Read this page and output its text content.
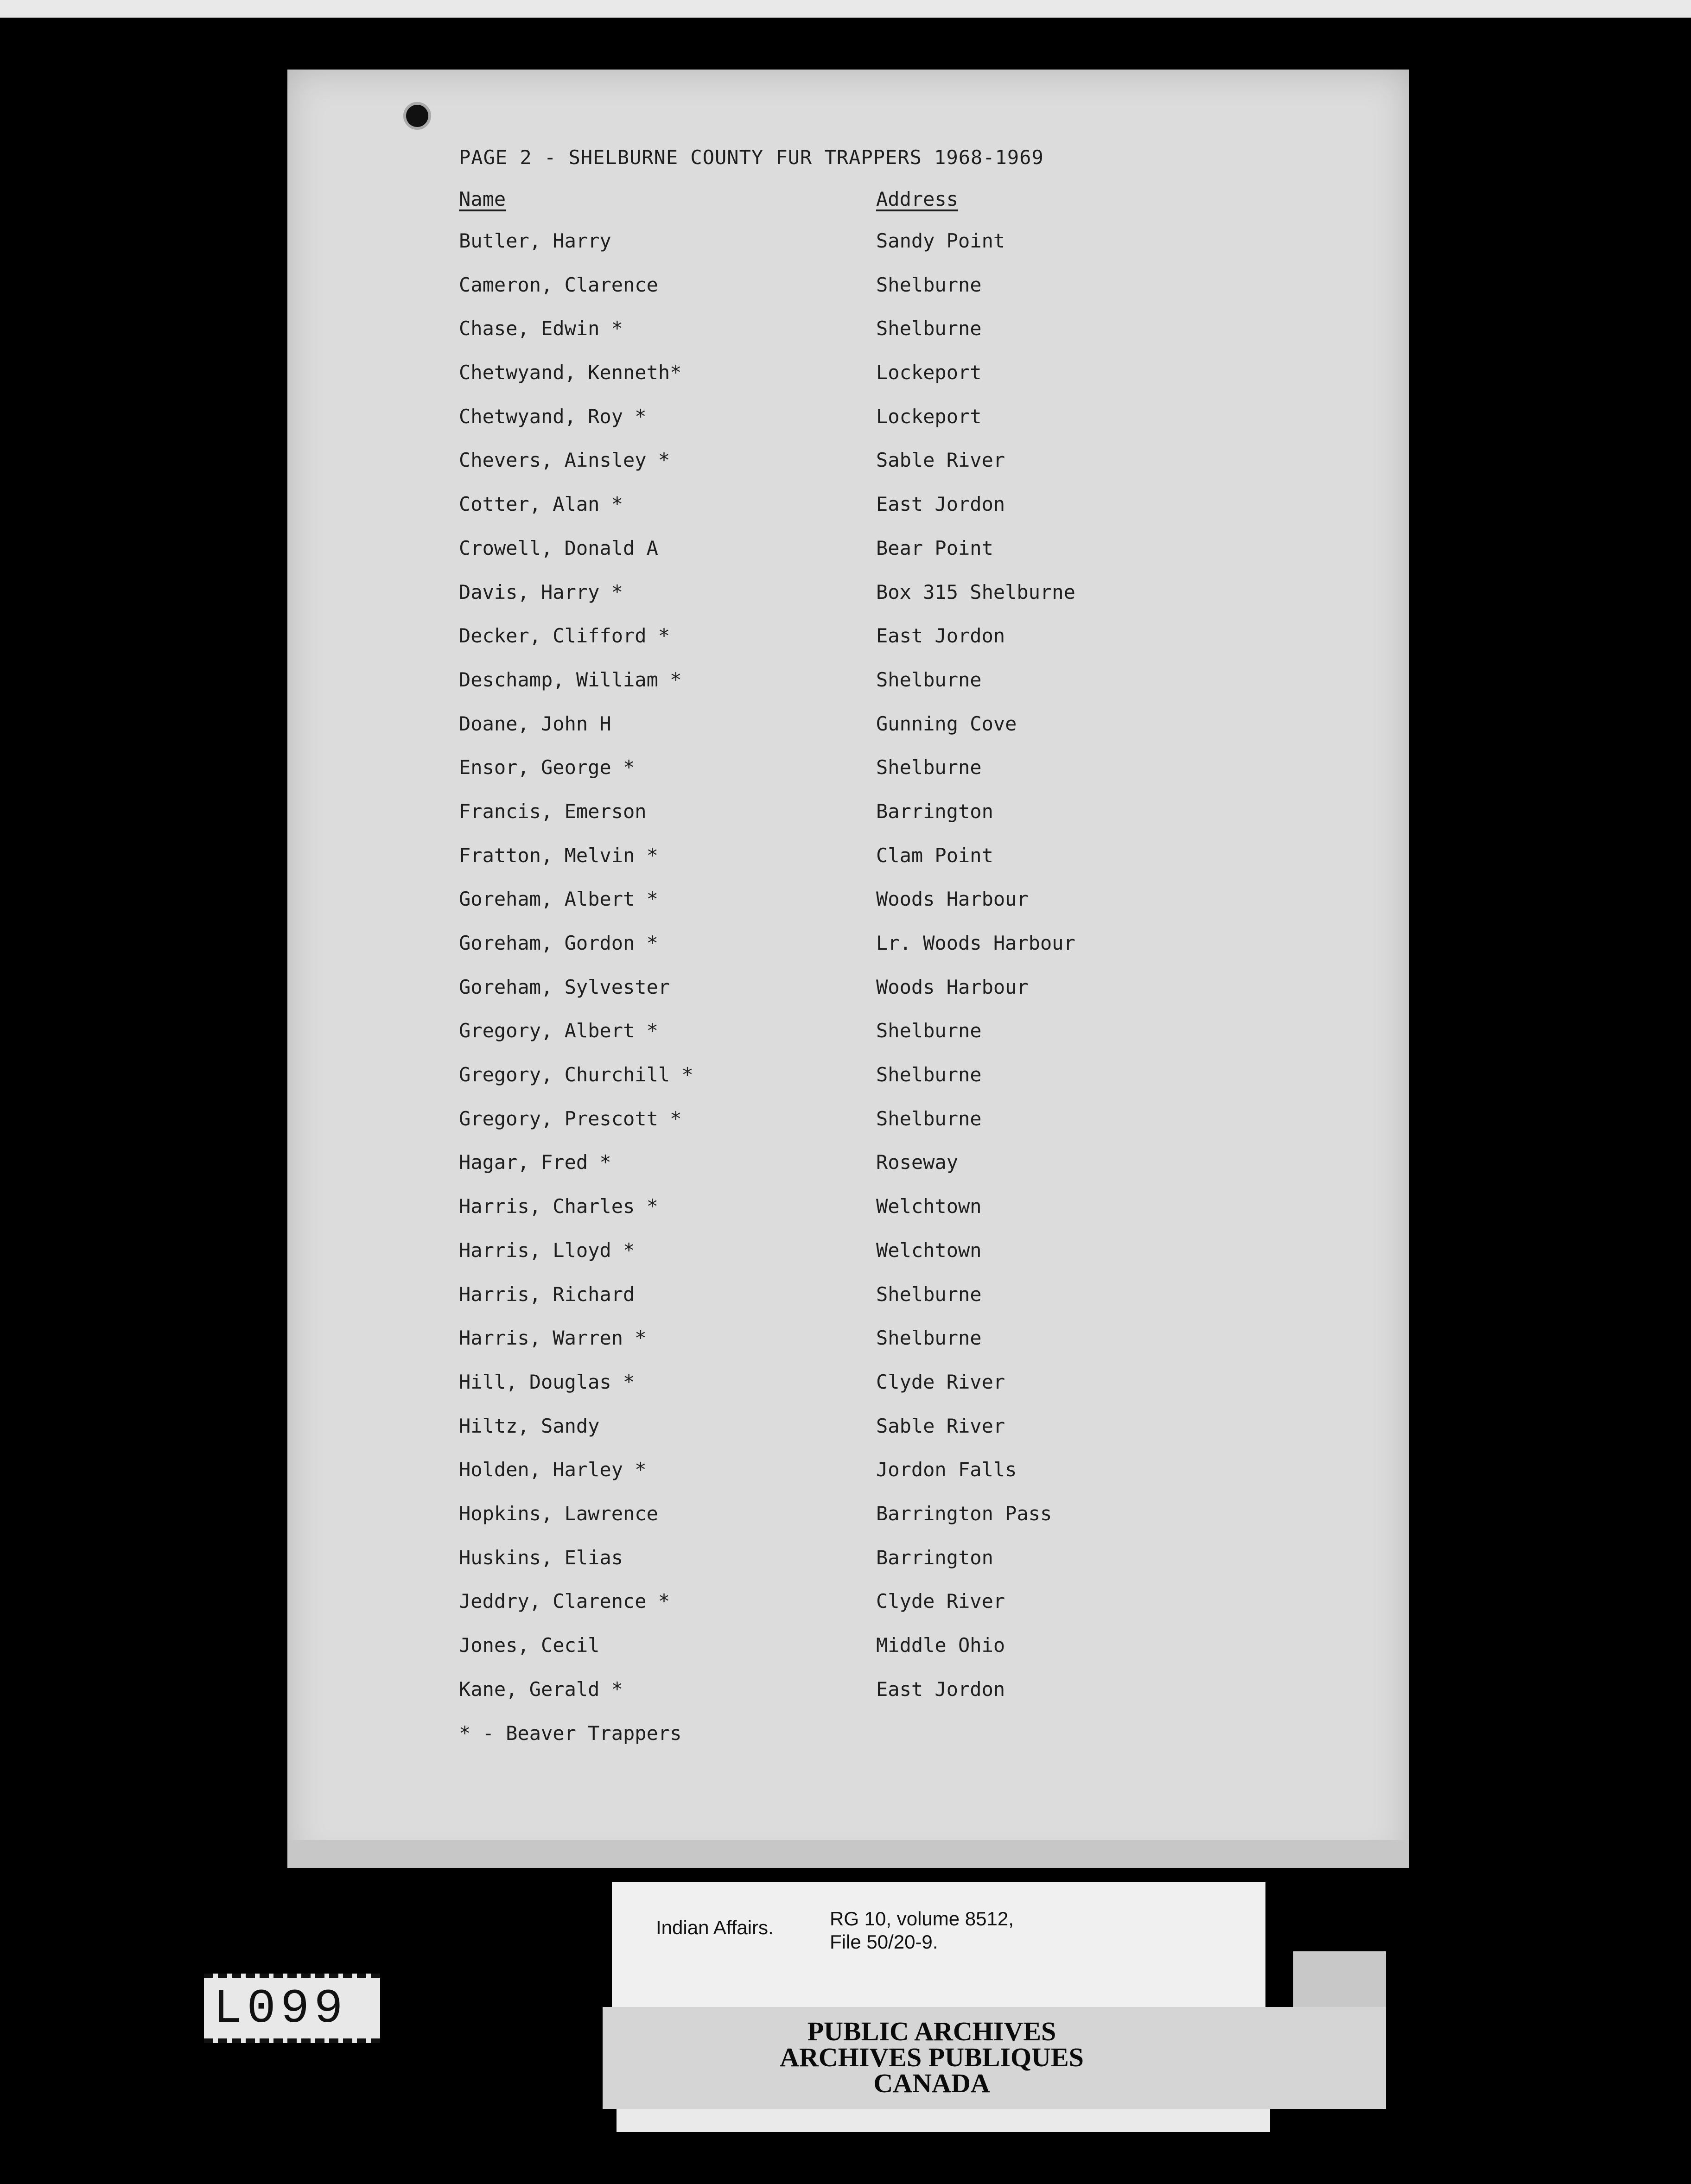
PAGE 2 - SHELBURNE COUNTY FUR TRAPPERS 1968-1969
Name	Address
Butler, Harry	Sandy Point
Cameron, Clarence	Shelburne
Chase, Edwin *	Shelburne
Chetwyand, Kenneth*	Lockeport
Chetwyand, Roy *	Lockeport
Chevers, Ainsley *	Sable River
Cotter, Alan *	East Jordon
Crowell, Donald A	Bear Point
Davis, Harry *	Box 315 Shelburne
Decker, Clifford *	East Jordon
Deschamp, William *	Shelburne
Doane, John H	Gunning Cove
Ensor, George *	Shelburne
Francis, Emerson	Barrington
Fratton, Melvin *	Clam Point
Goreham, Albert *	Woods Harbour
Goreham, Gordon *	Lr. Woods Harbour
Goreham, Sylvester	Woods Harbour
Gregory, Albert *	Shelburne
Gregory, Churchill *	Shelburne
Gregory, Prescott *	Shelburne
Hagar, Fred *	Roseway
Harris, Charles *	Welchtown
Harris, Lloyd *	Welchtown
Harris, Richard	Shelburne
Harris, Warren *	Shelburne
Hill, Douglas *	Clyde River
Hiltz, Sandy	Sable River
Holden, Harley *	Jordon Falls
Hopkins, Lawrence	Barrington Pass
Huskins, Elias	Barrington
Jeddry, Clarence *	Clyde River
Jones, Cecil	Middle Ohio
Kane, Gerald *	East Jordon
* - Beaver Trappers
L099
Indian Affairs.	RG 10, volume 8512,
File 50/20-9.
PUBLIC ARCHIVES
ARCHIVES PUBLIQUES
CANADA
